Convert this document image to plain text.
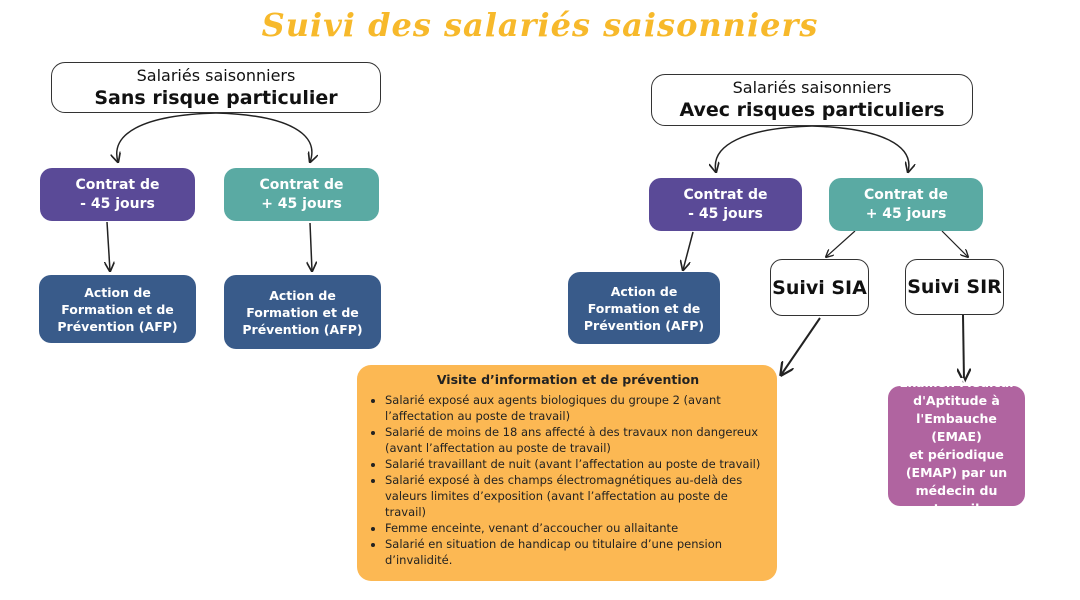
Suivi des salariés saisonniers
Salariés saisonniers
Sans risque particulier
Contrat de
- 45 jours
Contrat de
+ 45 jours
Action de
Formation et de
Prévention (AFP)
Action de
Formation et de
Prévention (AFP)
Salariés saisonniers
Avec risques particuliers
Contrat de
- 45 jours
Contrat de
+ 45 jours
Action de
Formation et de
Prévention (AFP)
Suivi SIA Suivi SIR
Examen Médical
d'Aptitude à
l'Embauche (EMAE)
et périodique
(EMAP) par un
médecin du travail
Visite d’information et de prévention
• Salarié exposé aux agents biologiques du groupe 2 (avant l’affectation au poste de travail)
• Salarié de moins de 18 ans affecté à des travaux non dangereux (avant l’affectation au poste de travail)
• Salarié travaillant de nuit (avant l’affectation au poste de travail)
• Salarié exposé à des champs électromagnétiques au-delà des valeurs limites d’exposition (avant l’affectation au poste de travail)
• Femme enceinte, venant d’accoucher ou allaitante
• Salarié en situation de handicap ou titulaire d’une pension d’invalidité.
